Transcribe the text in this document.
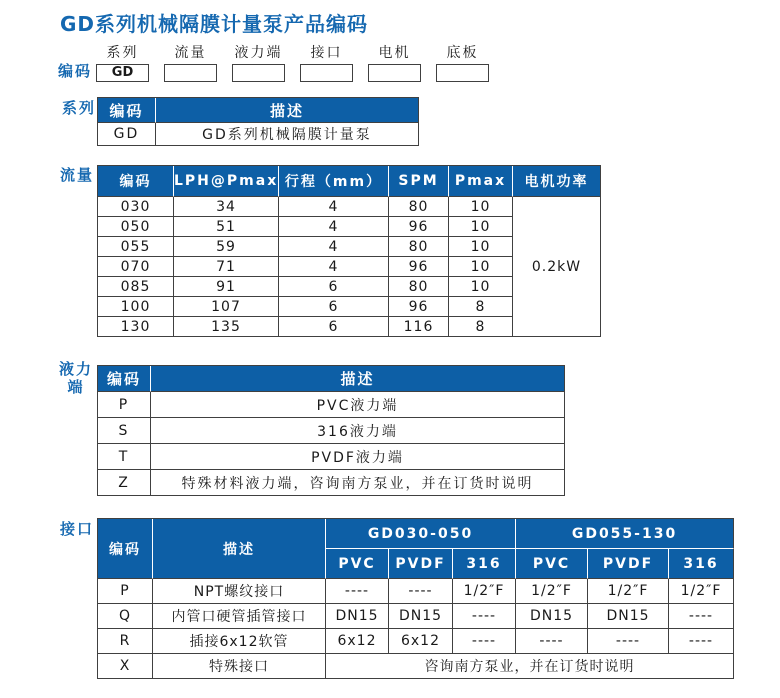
GD系列机械隔膜计量泵产品编码
编码
系列
GD
流量 液力端 接口	电机	底板
系列 编码	描述
GD	GD系列机械隔膜计量泵
流量 编码	LPH@Pmax	行程（mm）	SPM	Pmax	电机功率
030	34	4	80	10	0.2kW
050	51	4	96	10	
055	59	4	80	10	
070	71	4	96	10	
085	91	6	80	10	
100	107	6	96	8	
130	135	6	116	8	
液力
端	编码	描述
P	PVC液力端
S	316液力端
T	PVDF液力端
Z	特殊材料液力端，咨询南方泵业，并在订货时说明
接口
编码	描述	GD030-050			GD055-130		
		PVC	PVDF	316	PVC	PVDF	316
P	NPT螺纹接口	----	----	1/2″F	1/2″F	1/2″F	1/2″F
Q	内管口硬管插管接口	DN15	DN15	----	DN15	DN15	----
R	插接6x12软管	6x12	6x12	----	----	----	----
X	特殊接口	咨询南方泵业，并在订货时说明					
